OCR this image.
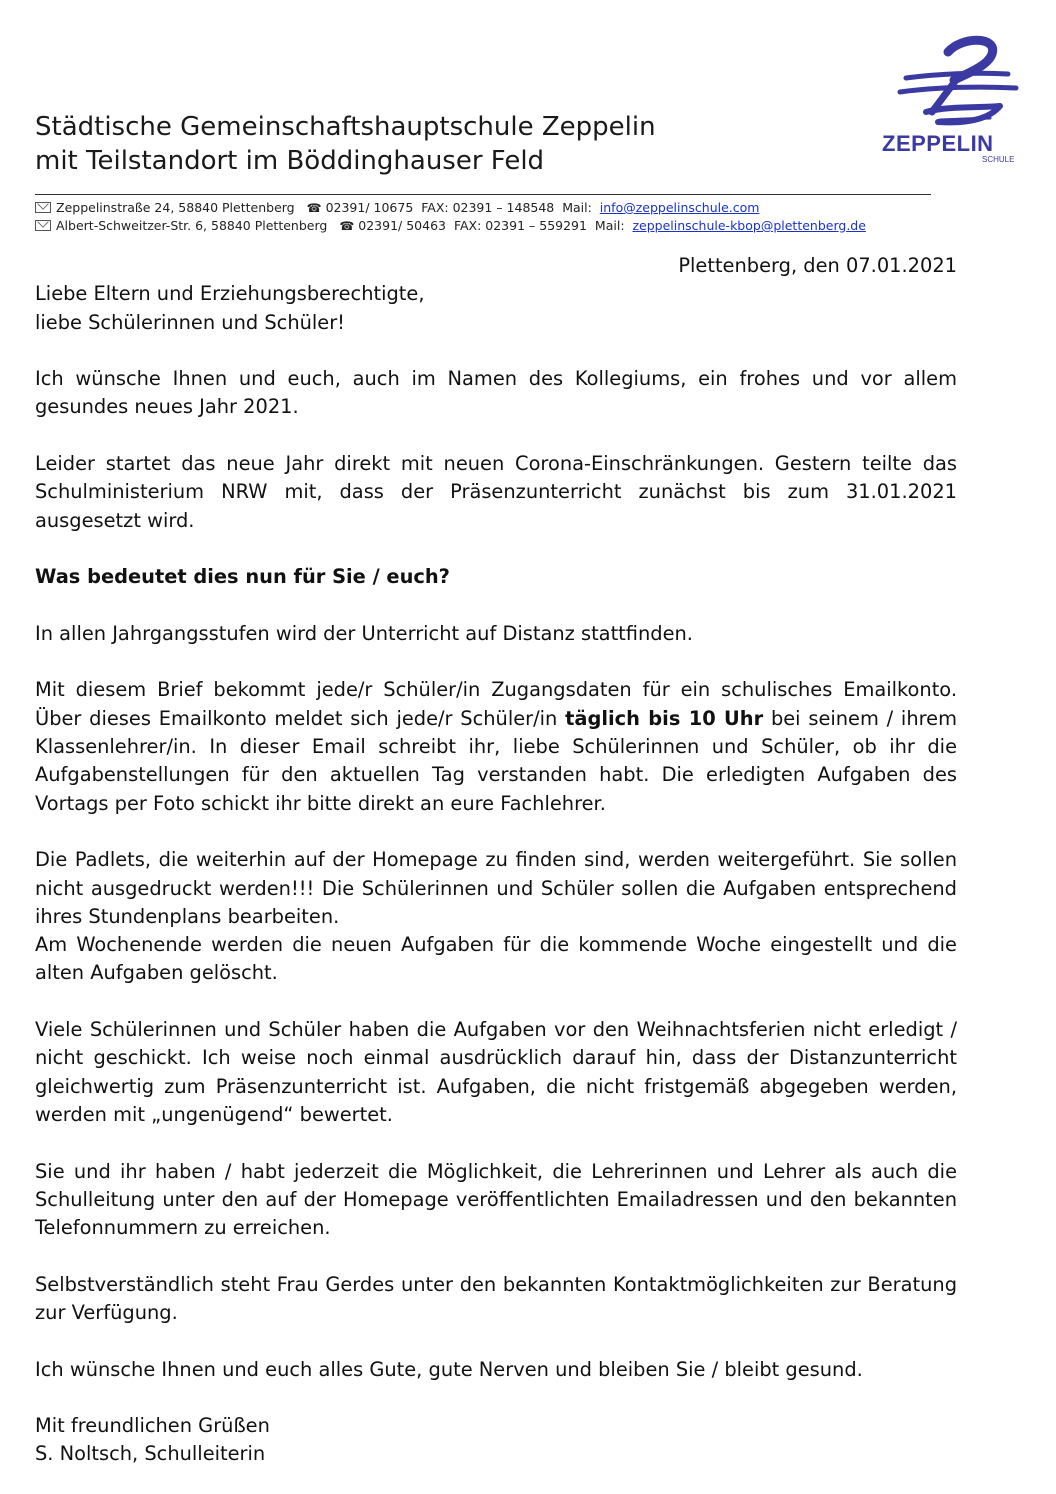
Städtische Gemeinschaftshauptschule Zeppelin
mit Teilstandort im Böddinghauser Feld
ZEPPELIN
SCHULE
Zeppelinstraße 24, 58840 Plettenberg ☎ 02391/ 10675 FAX: 02391 – 148548 Mail: info@zeppelinschule.com
Albert-Schweitzer-Str. 6, 58840 Plettenberg ☎ 02391/ 50463 FAX: 02391 – 559291 Mail: zeppelinschule-kbop@plettenberg.de

Plettenberg, den 07.01.2021

Liebe Eltern und Erziehungsberechtigte,

liebe Schülerinnen und Schüler!

Ich wünsche Ihnen und euch, auch im Namen des Kollegiums, ein frohes und vor allem gesundes neues Jahr 2021.

Leider startet das neue Jahr direkt mit neuen Corona-Einschränkungen. Gestern teilte das Schulministerium NRW mit, dass der Präsenzunterricht zunächst bis zum 31.01.2021 ausgesetzt wird.

Was bedeutet dies nun für Sie / euch?

In allen Jahrgangsstufen wird der Unterricht auf Distanz stattfinden.

Mit diesem Brief bekommt jede/r Schüler/in Zugangsdaten für ein schulisches Emailkonto. Über dieses Emailkonto meldet sich jede/r Schüler/in täglich bis 10 Uhr bei seinem / ihrem Klassenlehrer/in. In dieser Email schreibt ihr, liebe Schülerinnen und Schüler, ob ihr die Aufgabenstellungen für den aktuellen Tag verstanden habt. Die erledigten Aufgaben des Vortags per Foto schickt ihr bitte direkt an eure Fachlehrer.

Die Padlets, die weiterhin auf der Homepage zu finden sind, werden weitergeführt. Sie sollen nicht ausgedruckt werden!!! Die Schülerinnen und Schüler sollen die Aufgaben entsprechend ihres Stundenplans bearbeiten.

Am Wochenende werden die neuen Aufgaben für die kommende Woche eingestellt und die alten Aufgaben gelöscht.

Viele Schülerinnen und Schüler haben die Aufgaben vor den Weihnachtsferien nicht erledigt / nicht geschickt. Ich weise noch einmal ausdrücklich darauf hin, dass der Distanzunterricht gleichwertig zum Präsenzunterricht ist. Aufgaben, die nicht fristgemäß abgegeben werden, werden mit „ungenügend“ bewertet.

Sie und ihr haben / habt jederzeit die Möglichkeit, die Lehrerinnen und Lehrer als auch die Schulleitung unter den auf der Homepage veröffentlichten Emailadressen und den bekannten Telefonnummern zu erreichen.

Selbstverständlich steht Frau Gerdes unter den bekannten Kontaktmöglichkeiten zur Beratung zur Verfügung.

Ich wünsche Ihnen und euch alles Gute, gute Nerven und bleiben Sie / bleibt gesund.

Mit freundlichen Grüßen

S. Noltsch, Schulleiterin
